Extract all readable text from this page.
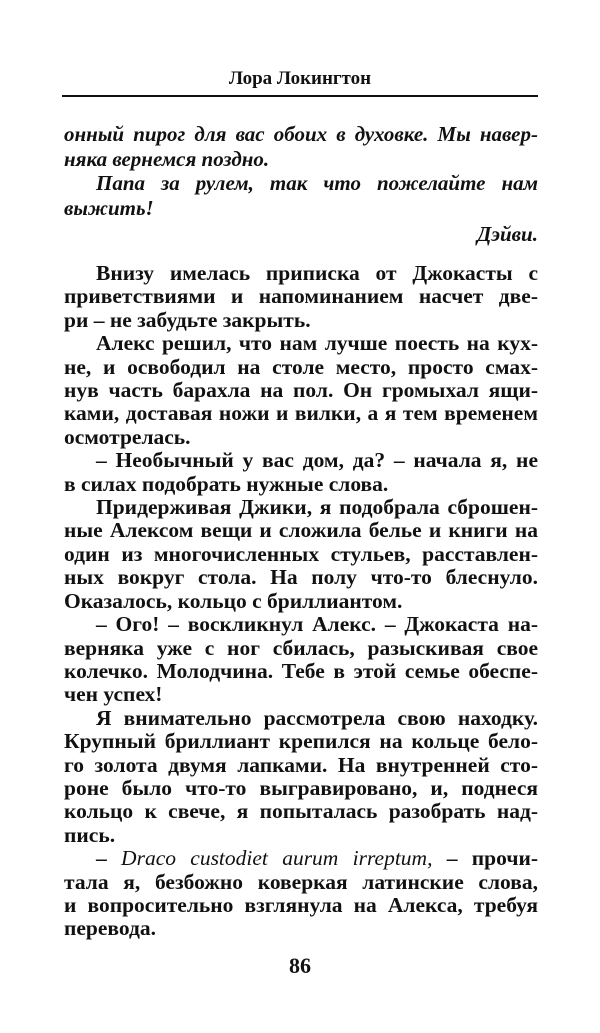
Лора Локингтон
онный пирог для вас обоих в духовке. Мы навер-
няка вернемся поздно.
Папа за рулем, так что пожелайте нам
выжить!
Дэйви.
Внизу имелась приписка от Джокасты с
приветствиями и напоминанием насчет две-
ри – не забудьте закрыть.
Алекс решил, что нам лучше поесть на кух-
не, и освободил на столе место, просто смах-
нув часть барахла на пол. Он громыхал ящи-
ками, доставая ножи и вилки, а я тем временем
осмотрелась.
– Необычный у вас дом, да? – начала я, не
в силах подобрать нужные слова.
Придерживая Джики, я подобрала сброшен-
ные Алексом вещи и сложила белье и книги на
один из многочисленных стульев, расставлен-
ных вокруг стола. На полу что-то блеснуло.
Оказалось, кольцо с бриллиантом.
– Ого! – воскликнул Алекс. – Джокаста на-
верняка уже с ног сбилась, разыскивая свое
колечко. Молодчина. Тебе в этой семье обеспе-
чен успех!
Я внимательно рассмотрела свою находку.
Крупный бриллиант крепился на кольце бело-
го золота двумя лапками. На внутренней сто-
роне было что-то выгравировано, и, поднеся
кольцо к свече, я попыталась разобрать над-
пись.
– Draco custodiet aurum irreptum, – прочи-
тала я, безбожно коверкая латинские слова,
и вопросительно взглянула на Алекса, требуя
перевода.
86
